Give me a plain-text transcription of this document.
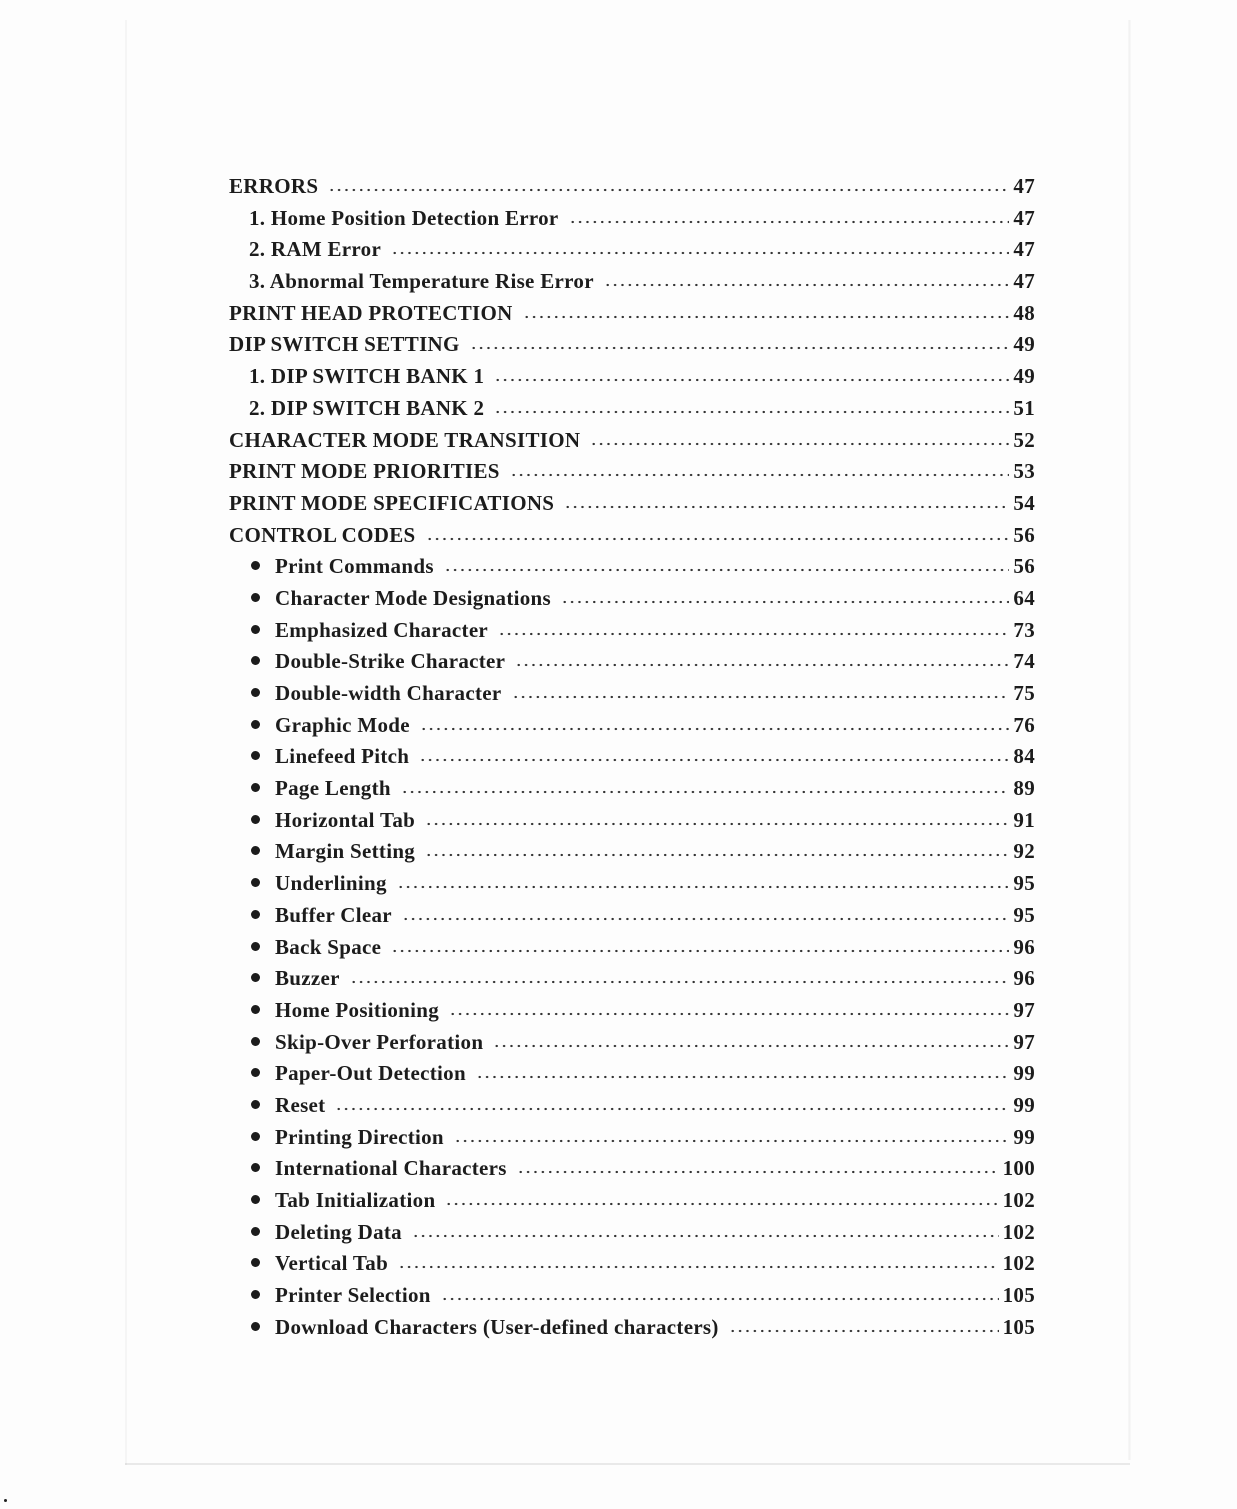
ERRORS	47
1. Home Position Detection Error	47
2. RAM Error	47
3. Abnormal Temperature Rise Error	47
PRINT HEAD PROTECTION	48
DIP SWITCH SETTING	49
1. DIP SWITCH BANK 1	49
2. DIP SWITCH BANK 2	51
CHARACTER MODE TRANSITION	52
PRINT MODE PRIORITIES	53
PRINT MODE SPECIFICATIONS	54
CONTROL CODES	56
Print Commands	56
Character Mode Designations	64
Emphasized Character	73
Double-Strike Character	74
Double-width Character	75
Graphic Mode	76
Linefeed Pitch	84
Page Length	89
Horizontal Tab	91
Margin Setting	92
Underlining	95
Buffer Clear	95
Back Space	96
Buzzer	96
Home Positioning	97
Skip-Over Perforation	97
Paper-Out Detection	99
Reset	99
Printing Direction	99
International Characters	100
Tab Initialization	102
Deleting Data	102
Vertical Tab	102
Printer Selection	105
Download Characters (User-defined characters)	105
